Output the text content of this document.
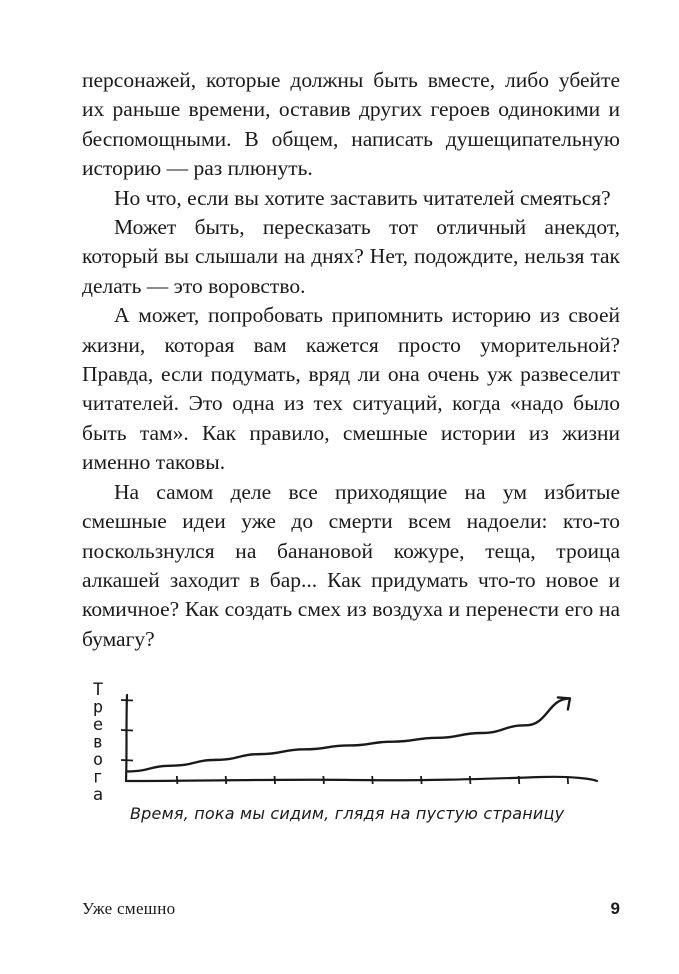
персонажей, которые должны быть вместе, либо убейте их раньше времени, оставив других героев одинокими и беспомощными. В общем, написать душещипательную историю — раз плюнуть.

Но что, если вы хотите заставить читателей смеяться?

Может быть, пересказать тот отличный анекдот, который вы слышали на днях? Нет, подождите, нельзя так делать — это воровство.

А может, попробовать припомнить историю из своей жизни, которая вам кажется просто уморительной? Правда, если подумать, вряд ли она очень уж развеселит читателей. Это одна из тех ситуаций, когда «надо было быть там». Как правило, смешные истории из жизни именно таковы.

На самом деле все приходящие на ум избитые смешные идеи уже до смерти всем надоели: кто-то поскользнулся на банановой кожуре, теща, троица алкашей заходит в бар... Как придумать что-то новое и комичное? Как создать смех из воздуха и перенести его на бумагу?

Т
р
е
в
о
г
а
Время, пока мы сидим, глядя на пустую страницу
Уже смешно	9
